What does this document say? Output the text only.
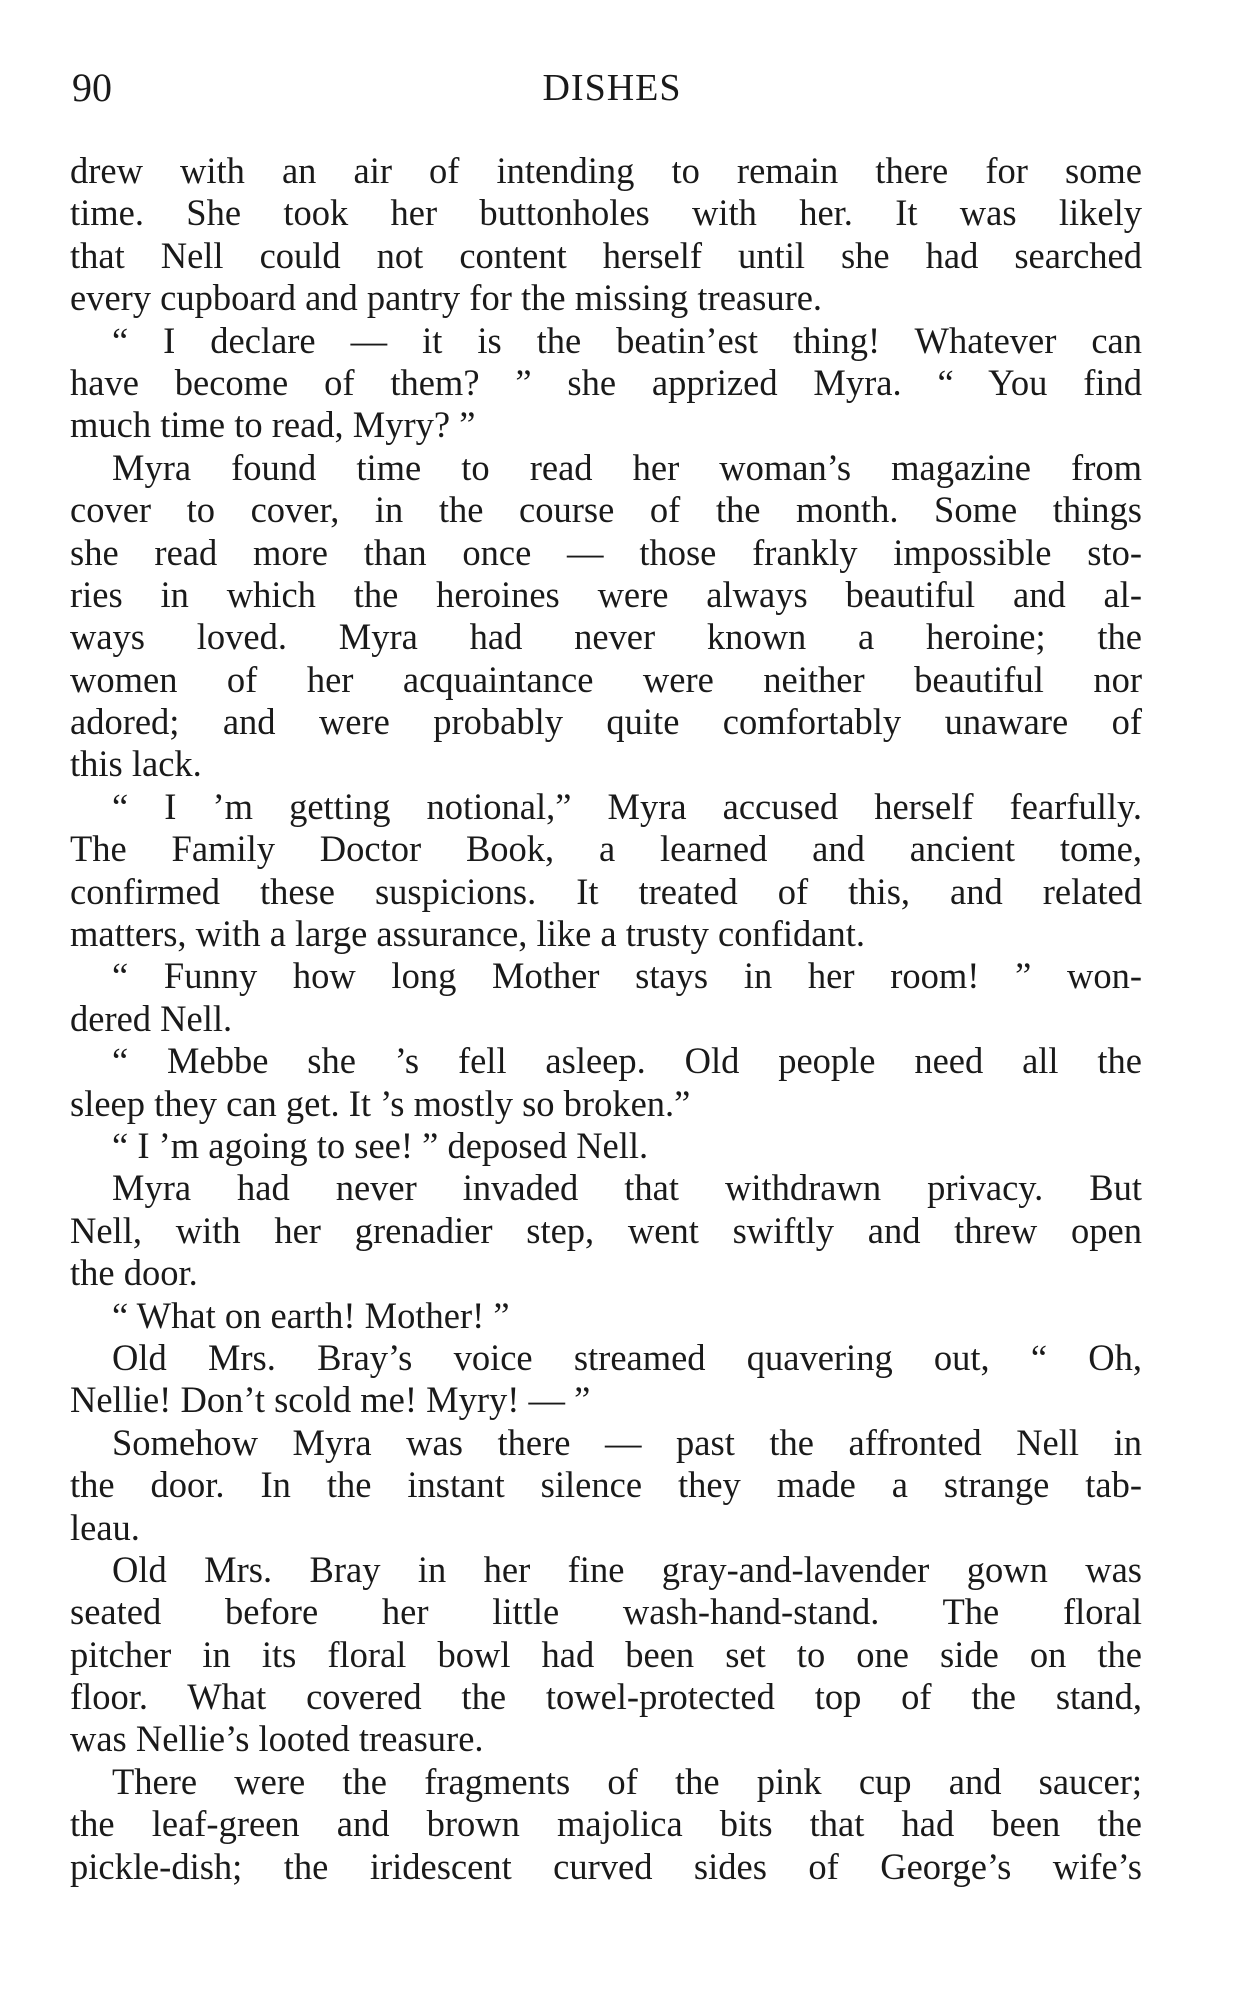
90	DISHES
drew with an air of intending to remain there for some
time. She took her buttonholes with her. It was likely
that Nell could not content herself until she had searched
every cupboard and pantry for the missing treasure.
“ I declare — it is the beatin’est thing! Whatever can
have become of them? ” she apprized Myra. “ You find
much time to read, Myry? ”
Myra found time to read her woman’s magazine from
cover to cover, in the course of the month. Some things
she read more than once — those frankly impossible sto-
ries in which the heroines were always beautiful and al-
ways loved. Myra had never known a heroine; the
women of her acquaintance were neither beautiful nor
adored; and were probably quite comfortably unaware of
this lack.
“ I ’m getting notional,” Myra accused herself fearfully.
The Family Doctor Book, a learned and ancient tome,
confirmed these suspicions. It treated of this, and related
matters, with a large assurance, like a trusty confidant.
“ Funny how long Mother stays in her room! ” won-
dered Nell.
“ Mebbe she ’s fell asleep. Old people need all the
sleep they can get. It ’s mostly so broken.”
“ I ’m agoing to see! ” deposed Nell.
Myra had never invaded that withdrawn privacy. But
Nell, with her grenadier step, went swiftly and threw open
the door.
“ What on earth! Mother! ”
Old Mrs. Bray’s voice streamed quavering out, “ Oh,
Nellie! Don’t scold me! Myry! — ”
Somehow Myra was there — past the affronted Nell in
the door. In the instant silence they made a strange tab-
leau.
Old Mrs. Bray in her fine gray-and-lavender gown was
seated before her little wash-hand-stand. The floral
pitcher in its floral bowl had been set to one side on the
floor. What covered the towel-protected top of the stand,
was Nellie’s looted treasure.
There were the fragments of the pink cup and saucer;
the leaf-green and brown majolica bits that had been the
pickle-dish; the iridescent curved sides of George’s wife’s
